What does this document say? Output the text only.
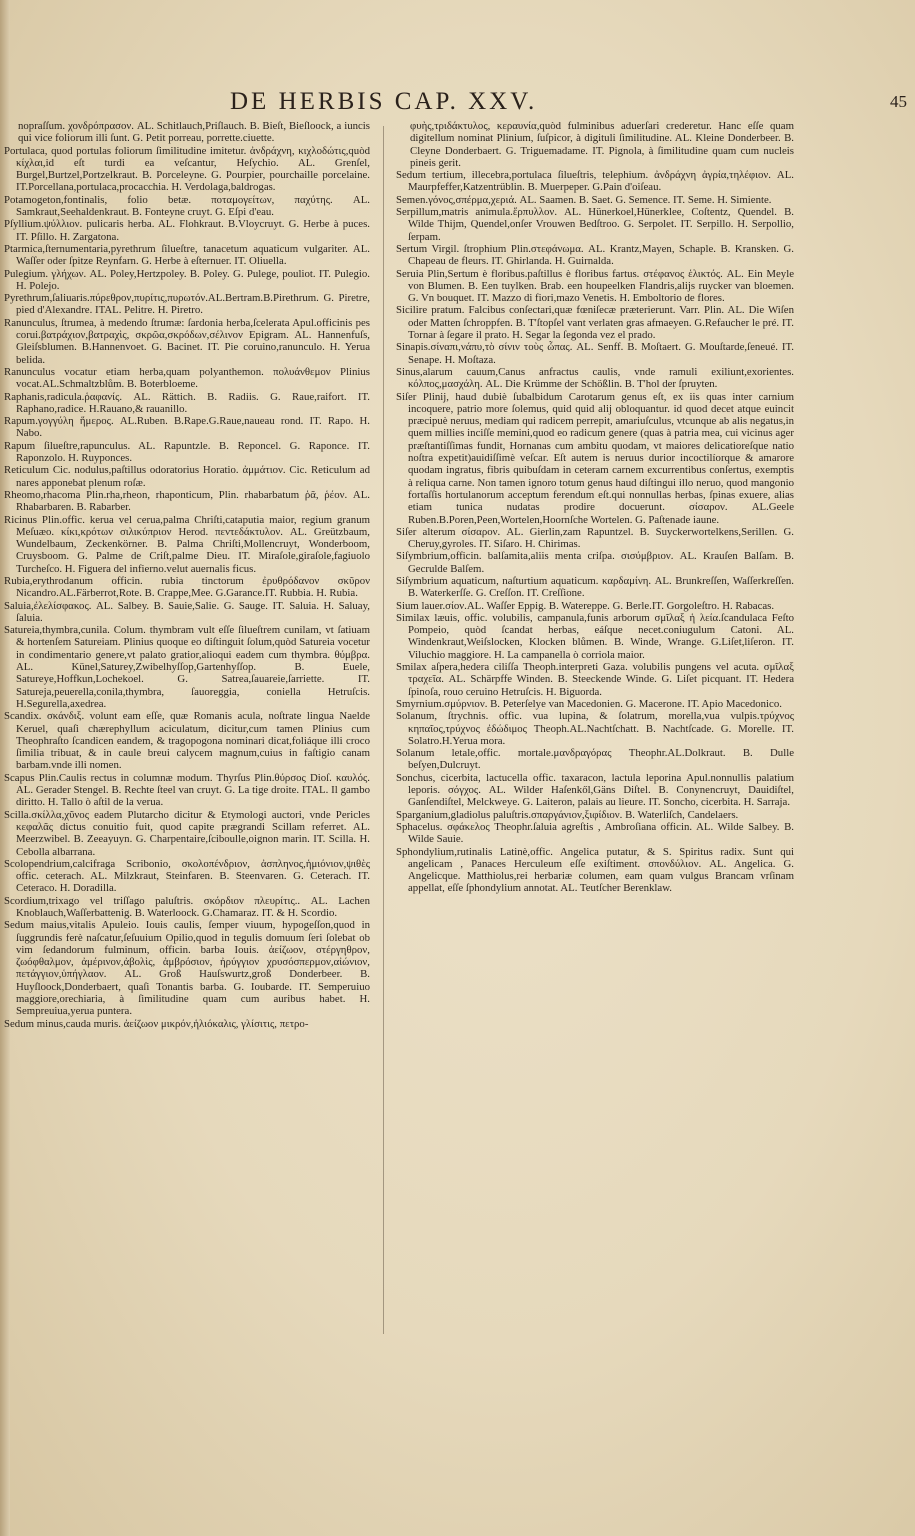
DE HERBIS CAP. XXV.	45

nopraſſum. χονδρόπρασον. AL. Schitlauch,Priſlauch. B. Bieſt, Bieſloock, a iuncis qui vice foliorum illi ſunt. G. Petit porreau, porrette.ciuette.

Portulaca, quod portulas foliorum ſimilitudine imitetur. ἀνδράχνη, κιχλοδώτις,quòd κίχλαι,id eſt turdi ea veſcantur, Heſychio. AL. Grenſel, Burgel,Burtzel,Portzelkraut. B. Porceleyne. G. Pourpier, pourchaille porcelaine. IT.Porcellana,portulaca,procacchia. H. Verdolaga,baldrogas.

Potamogeton,fontinalis, folio betæ. ποταμογείτων, παχύτης. AL. Samkraut,Seehaldenkraut. B. Fonteyne cruyt. G. Eſpi d'eau.

Pſyllium.ψύλλιον. pulicaris herba. AL. Flohkraut. B.Vloycruyt. G. Herbe à puces. IT. Pſillo. H. Zargatona.

Ptarmica,ſternumentaria,pyrethrum ſilueſtre, tanacetum aquaticum vulgariter. AL. Waſſer oder ſpitze Reynfarn. G. Herbe à eſternuer. IT. Oliuella.

Pulegium. γλήχων. AL. Poley,Hertzpoley. B. Poley. G. Pulege, pouliot. IT. Pulegio. H. Polejo.

Pyrethrum,ſaliuaris.πύρεθρον,πυρίτις,πυρωτόν.AL.Bertram.B.Pirethrum. G. Piretre, pied d'Alexandre. ITAL. Pelitre. H. Piretro.

Ranunculus, ſtrumea, à medendo ſtrumæ: ſardonia herba,ſcelerata Apul.officinis pes corui.βατράχιον,βατραχὶς, σκρῶα,σκρόδων,σέλινον Epigram. AL. Hannenfuſs, Gleiſsblumen. B.Hannenvoet. G. Bacinet. IT. Pie coruino,ranunculo. H. Yerua belida.

Ranunculus vocatur etiam herba,quam polyanthemon. πολυάνθεμον Plinius vocat.AL.Schmaltzblům. B. Boterbloeme.

Raphanis,radicula.ῥαφανίς. AL. Rättich. B. Radiis. G. Raue,raifort. IT. Raphano,radice. H.Rauano,& rauanillo.

Rapum.γογγύλη ἥμερος. AL.Ruben. B.Rape.G.Raue,naueau rond. IT. Rapo. H. Nabo.

Rapum ſilueſtre,rapunculus. AL. Rapuntzle. B. Reponcel. G. Raponce. IT. Raponzolo. H. Ruyponces.

Reticulum Cic. nodulus,paſtillus odoratorius Horatio. ἀμμάτιον. Cic. Reticulum ad nares apponebat plenum roſæ.

Rheomo,rhacoma Plin.rha,rheon, rhaponticum, Plin. rhabarbatum ῥᾶ, ῥέον. AL. Rhabarbaren. B. Rabarber.

Ricinus Plin.offic. kerua vel cerua,palma Chriſti,cataputia maior, regium granum Meſuæo. κίκι,κρότων σιλικύπριον Herod. πεντεδάκτυλον. AL. Greützbaum, Wundelbaum, Zeckenkörner. B. Palma Chriſti,Mollencruyt, Wonderboom, Cruysboom. G. Palme de Criſt,palme Dieu. IT. Miraſole,giraſole,fagiuolo Turcheſco. H. Figuera del infierno.velut auernalis ficus.

Rubia,erythrodanum officin. rubia tinctorum ἐρυθρόδανον σκῦρον Nicandro.AL.Färberrot,Rote. B. Crappe,Mee. G.Garance.IT. Rubbia. H. Rubia.

Saluia,ἐλελίσφακος. AL. Salbey. B. Sauie,Salie. G. Sauge. IT. Saluia. H. Saluay, ſaluia.

Satureia,thymbra,cunila. Colum. thymbram vult eſſe ſilueſtrem cunilam, vt ſatiuam & hortenſem Satureiam. Plinius quoque eo diſtinguit ſolum,quòd Satureia vocetur in condimentario genere,vt palato gratior,alioqui eadem cum thymbra. θύμβρα. AL. Künel,Saturey,Zwibelhyſſop,Gartenhyſſop. B. Euele, Satureye,Hoffkun,Lochekoel. G. Satrea,ſauareie,ſarriette. IT. Satureja,peuerella,conila,thymbra, ſauoreggia, coniella Hetruſcis. H.Segurella,axedrea.

Scandix. σκάνδιξ. volunt eam eſſe, quæ Romanis acula, noſtrate lingua Naelde Keruel, quaſi chærephyllum aciculatum, dicitur,cum tamen Plinius cum Theophraſto ſcandicen eandem, & tragopogona nominari dicat,foliáque illi croco ſimilia tribuat, & in caule breui calycem magnum,cuius in faſtigio canam barbam.vnde illi nomen.

Scapus Plin.Caulis rectus in columnæ modum. Thyrſus Plin.θύρσος Dioſ. καυλός. AL. Gerader Stengel. B. Rechte ſteel van cruyt. G. La tige droite. ITAL. Il gambo diritto. H. Tallo ò aſtil de la verua.

Scilla.σκίλλα,χῦνος eadem Plutarcho dicitur & Etymologi auctori, vnde Pericles κεφαλᾶς dictus conuitio fuit, quod capite prægrandi Scillam referret. AL. Meerzwibel. B. Zeeayuyn. G. Charpentaire,ſciboulle,oignon marin. IT. Scilla. H. Cebolla albarrana.

Scolopendrium,calcifraga Scribonio, σκολοπένδριον, ἀσπληνος,ἡμιόνιον,ψιθὲς offic. ceterach. AL. Milzkraut, Steinfaren. B. Steenvaren. G. Ceterach. IT. Ceteraco. H. Doradilla.

Scordium,trixago vel triſſago paluſtris. σκόρδιον πλευρίτις.. AL. Lachen Knoblauch,Waſſerbattenig. B. Waterloock. G.Chamaraz. IT. & H. Scordio.

Sedum maius,vitalis Apuleio. Iouis caulis, ſemper viuum, hypogeſſon,quod in ſuggrundis ferè naſcatur,ſeſuuium Opilio,quod in tegulis domuum ſeri ſolebat ob vim ſedandorum fulminum, officin. barba Iouis. ἀείζωον, στέργηθρον, ζωόφθαλμον, ἀμέρινον,ἀβολὶς, ἀμβρόσιον, ἠρύγγιον χρυσόσπερμον,αἰώνιον, πετάγγιον,ὑπήγλαον. AL. Groß Hauſswurtz,groß Donderbeer. B. Huyſloock,Donderbaert, quaſi Tonantis barba. G. Ioubarde. IT. Semperuiuo maggiore,orechiaria, à ſimilitudine quam cum auribus habet. H. Sempreuiua,yerua puntera.

Sedum minus,cauda muris. ἀείζωον μικρόν,ἡλιόκαλις, γλίσιτις, πετρο-

φυὴς,τριδάκτυλος, κεραυνία,quòd fulminibus aduerſari crederetur. Hanc eſſe quam digitellum nominat Plinium, ſuſpicor, à digituli ſimilitudine. AL. Kleine Donderbeer. B. Cleyne Donderbaert. G. Triguemadame. IT. Pignola, à ſimilitudine quam cum nucleis pineis gerit.

Sedum tertium, illecebra,portulaca ſilueſtris, telephium. ἀνδράχνη ἀγρία,τηλέφιον. AL. Maurpfeffer,Katzentrüblin. B. Muerpeper. G.Pain d'oiſeau.

Semen.γόνος,σπέρμα,χεριά. AL. Saamen. B. Saet. G. Semence. IT. Seme. H. Simiente.

Serpillum,matris animula.ἕρπυλλον. AL. Hünerkoel,Hünerklee, Coſtentz, Quendel. B. Wilde Thijm, Quendel,onſer Vrouwen Bedſtroo. G. Serpolet. IT. Serpillo. H. Serpollio, ſerpam.

Sertum Virgil. ſtrophium Plin.στεφάνωμα. AL. Krantz,Mayen, Schaple. B. Kransken. G. Chapeau de fleurs. IT. Ghirlanda. H. Guirnalda.

Seruia Plin,Sertum è floribus.paſtillus è floribus fartus. στέφανος ἑλικτός. AL. Ein Meyle von Blumen. B. Een tuylken. Brab. een houpeelken Flandris,alijs ruycker van bloemen. G. Vn bouquet. IT. Mazzo di fiori,mazo Venetis. H. Emboltorio de flores.

Sicilire pratum. Falcibus conſectari,quæ fœniſecæ præterierunt. Varr. Plin. AL. Die Wiſen oder Matten ſchroppfen. B. T'ſtopſel vant verlaten gras afmaeyen. G.Refaucher le pré. IT. Tornar à ſegare il prato. H. Segar la ſegonda vez el prado.

Sinapis.σίναπι,νάπυ,τὸ σίνιν τοὺς ὦπας. AL. Senff. B. Moſtaert. G. Mouſtarde,ſeneué. IT. Senape. H. Moſtaza.

Sinus,alarum cauum,Canus anfractus caulis, vnde ramuli exiliunt,exorientes. κόλπος,μασχάλη. AL. Die Krümme der Schößlin. B. T'hol der ſpruyten.

Siſer Plinij, haud dubiè ſubalbidum Carotarum genus eſt, ex iis quas inter carnium incoquere, patrio more ſolemus, quid quid alij obloquantur. id quod decet atque euincit præcipuè neruus, mediam qui radicem perrepit, amariuſculus, vtcunque ab alis negatus,in quem millies inciſſe memini,quod eo radicum genere (quas à patria mea, cui vicinus ager præſtantiſſimas fundit, Hornanas cum ambitu quodam, vt maiores delicatioreſque natio noſtra expetit)auidiſſimè veſcar. Eſt autem is neruus durior incoctilíorque & amarore quodam ingratus, fibris quibuſdam in ceteram carnem excurrentibus conſertus, exemptis à reliqua carne. Non tamen ignoro totum genus haud diſtingui illo neruo, quod mangonio fortaſſis hortulanorum acceptum ferendum eſt.qui nonnullas herbas, ſpinas exuere, alias etiam tunica nudatas prodire docuerunt. σίσαρον. AL.Geele Ruben.B.Poren,Peen,Wortelen,Hoornſche Wortelen. G. Paſtenade iaune.

Siſer alterum σίσαρον. AL. Gierlin,zam Rapuntzel. B. Suyckerwortelkens,Serillen. G. Cheruy,gyroles. IT. Siſaro. H. Chirimas.

Siſymbrium,officin. balſamita,aliis menta criſpa. σισύμβριον. AL. Krauſen Balſam. B. Gecrulde Balſem.

Siſymbrium aquaticum, naſturtium aquaticum. καρδαμίνη. AL. Brunkreſſen, Waſſerkreſſen. B. Waterkerſſe. G. Creſſon. IT. Creſſione.

Sium lauer.σίον.AL. Waſſer Eppig. B. Watereppe. G. Berle.IT. Gorgoleſtro. H. Rabacas.

Similax læuis, offic. volubilis, campanula,funis arborum σμῖλαξ ἡ λεία.ſcandulaca Feſto Pompeio, quòd ſcandat herbas, eáſque necet.coniugulum Catoni. AL. Windenkraut,Weiſslocken, Klocken blůmen. B. Winde, Wrange. G.Liſet,liſeron. IT. Viluchio maggiore. H. La campanella ò corriola maior.

Smilax aſpera,hedera ciliſſa Theoph.interpreti Gaza. volubilis pungens vel acuta. σμῖλαξ τραχεῖα. AL. Schärpffe Winden. B. Steeckende Winde. G. Liſet picquant. IT. Hedera ſpinoſa, rouo ceruino Hetruſcis. H. Biguorda.

Smyrnium.σμύρνιον. B. Peterſelye van Macedonien. G. Macerone. IT. Apio Macedonico.

Solanum, ſtrychnis. offic. vua lupina, & ſolatrum, morella,vua vulpis.τρύχνος κηπαῖος,τρύχνος ἐδώδιμος Theoph.AL.Nachtſchatt. B. Nachtſcade. G. Morelle. IT. Solatro.H.Yerua mora.

Solanum letale,offic. mortale.μανδραγόρας Theophr.AL.Dolkraut. B. Dulle beſyen,Dulcruyt.

Sonchus, cicerbita, lactucella offic. taxaracon, lactula leporina Apul.nonnullis palatium leporis. σόγχος. AL. Wilder Haſenkől,Gäns Diſtel. B. Conynencruyt, Dauidiſtel, Ganſendiſtel, Melckweye. G. Laiteron, palais au lieure. IT. Soncho, cicerbita. H. Sarraja.

Sparganium,gladiolus paluſtris.σπαργάνιον,ξιφίδιον. B. Waterliſch, Candelaers.

Sphacelus. σφάκελος Theophr.ſaluia agreſtis , Ambroſiana officin. AL. Wilde Salbey. B. Wilde Sauie.

Sphondylium,rutinalis Latinè,offic. Angelica putatur, & S. Spiritus radix. Sunt qui angelicam , Panaces Herculeum eſſe exiſtiment. σπονδύλιον. AL. Angelica. G. Angelicque. Matthiolus,rei herbariæ columen, eam quam vulgus Brancam vrſinam appellat, eſſe ſphondylium annotat. AL. Teutſcher Berenklaw.
